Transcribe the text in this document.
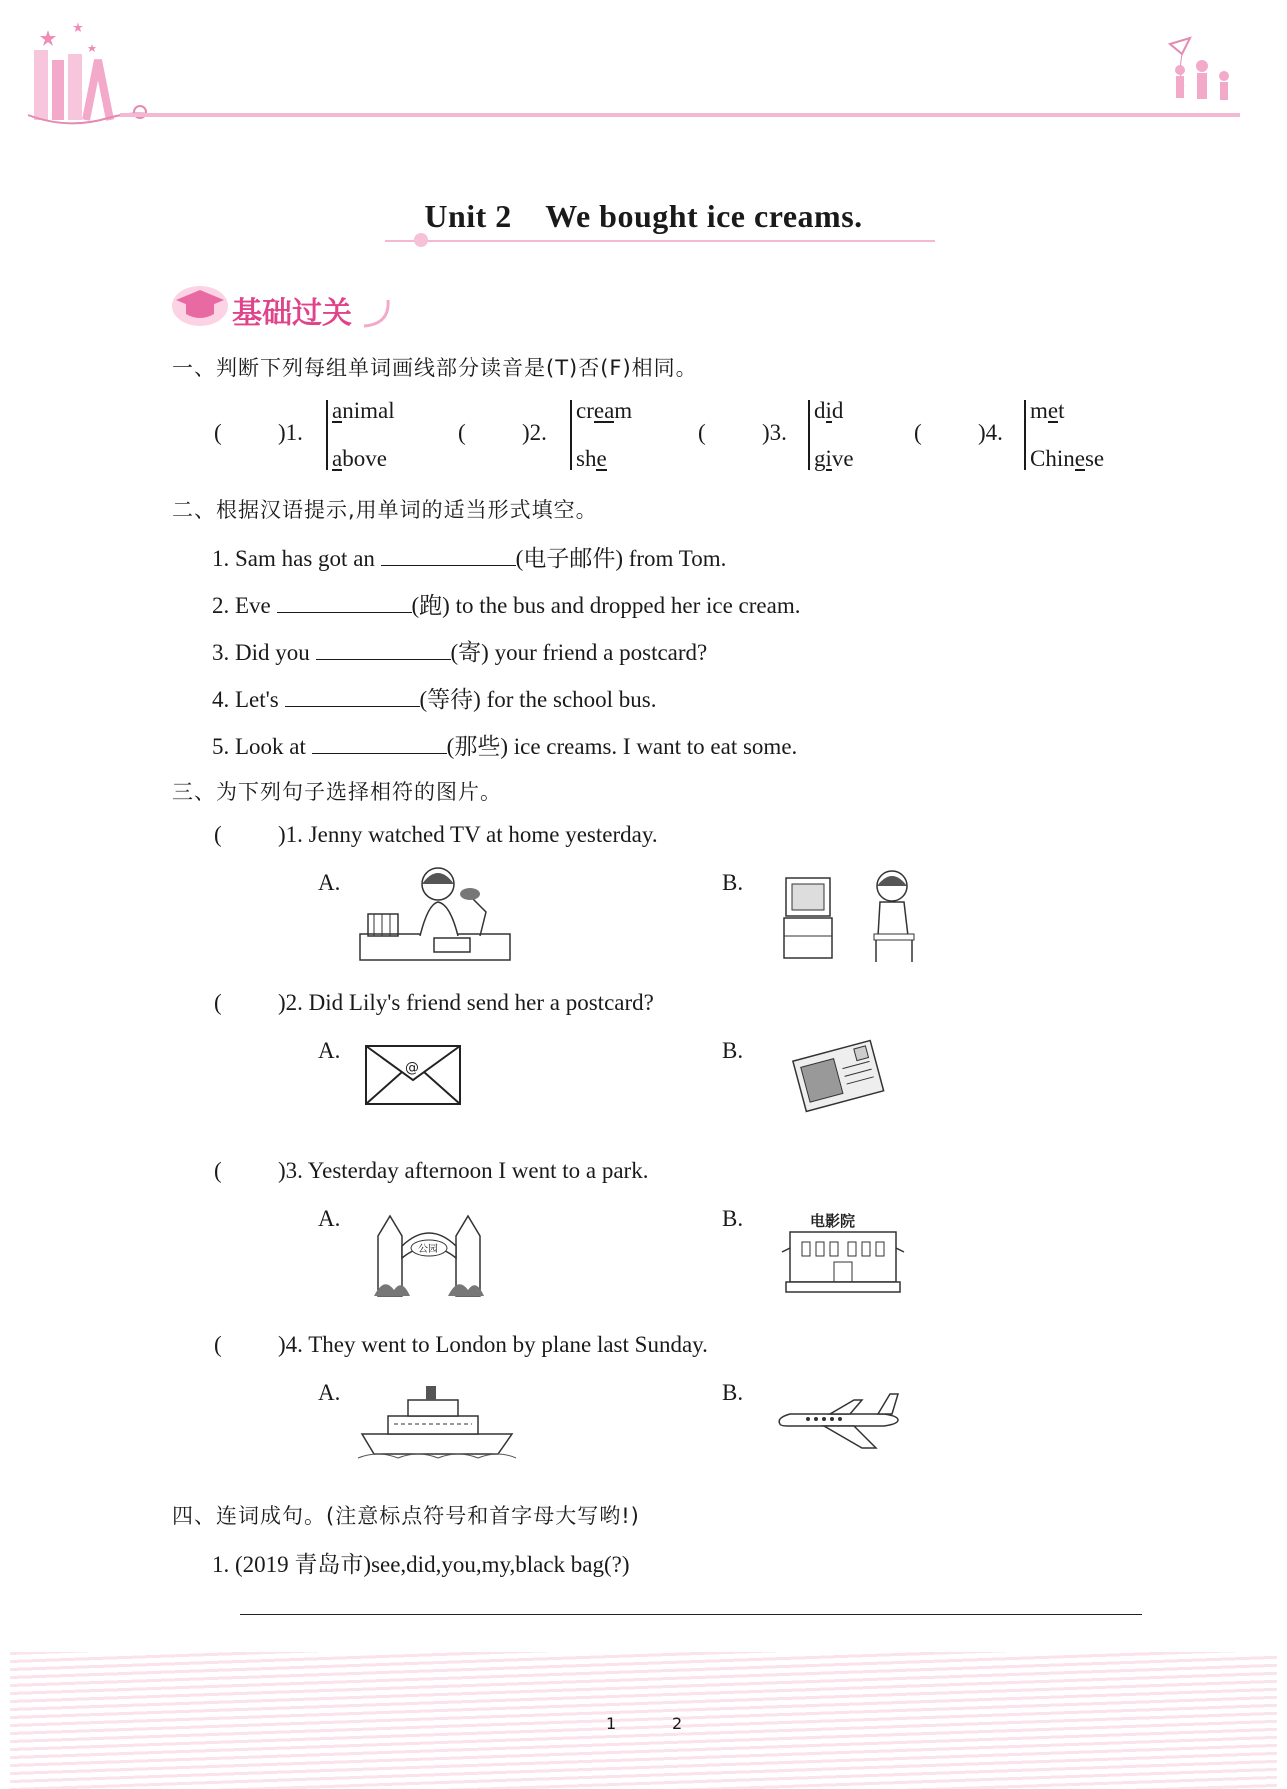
Unit 2    We bought ice creams.
基础过关
一、判断下列每组单词画线部分读音是(T)否(F)相同。
( )1.
animal
above
( )2.
cream
she
( )3.
did
give
( )4.
met
Chinese
二、根据汉语提示,用单词的适当形式填空。
1. Sam has got an	(电子邮件) from Tom.
2. Eve	(跑) to the bus and dropped her ice cream.
3. Did you	(寄) your friend a postcard?
4. Let's	(等待) for the school bus.
5. Look at	(那些) ice creams. I want to eat some.
三、为下列句子选择相符的图片。
( )1. Jenny watched TV at home yesterday.
A.	B.
( )2. Did Lily's friend send her a postcard?
A.	B.
@
( )3. Yesterday afternoon I went to a park.
A.	B.
公园
电影院
( )4. They went to London by plane last Sunday.
A.	B.
四、连词成句。(注意标点符号和首字母大写哟!)
1. (2019 青岛市)see,did,you,my,black bag(?)
1	2
